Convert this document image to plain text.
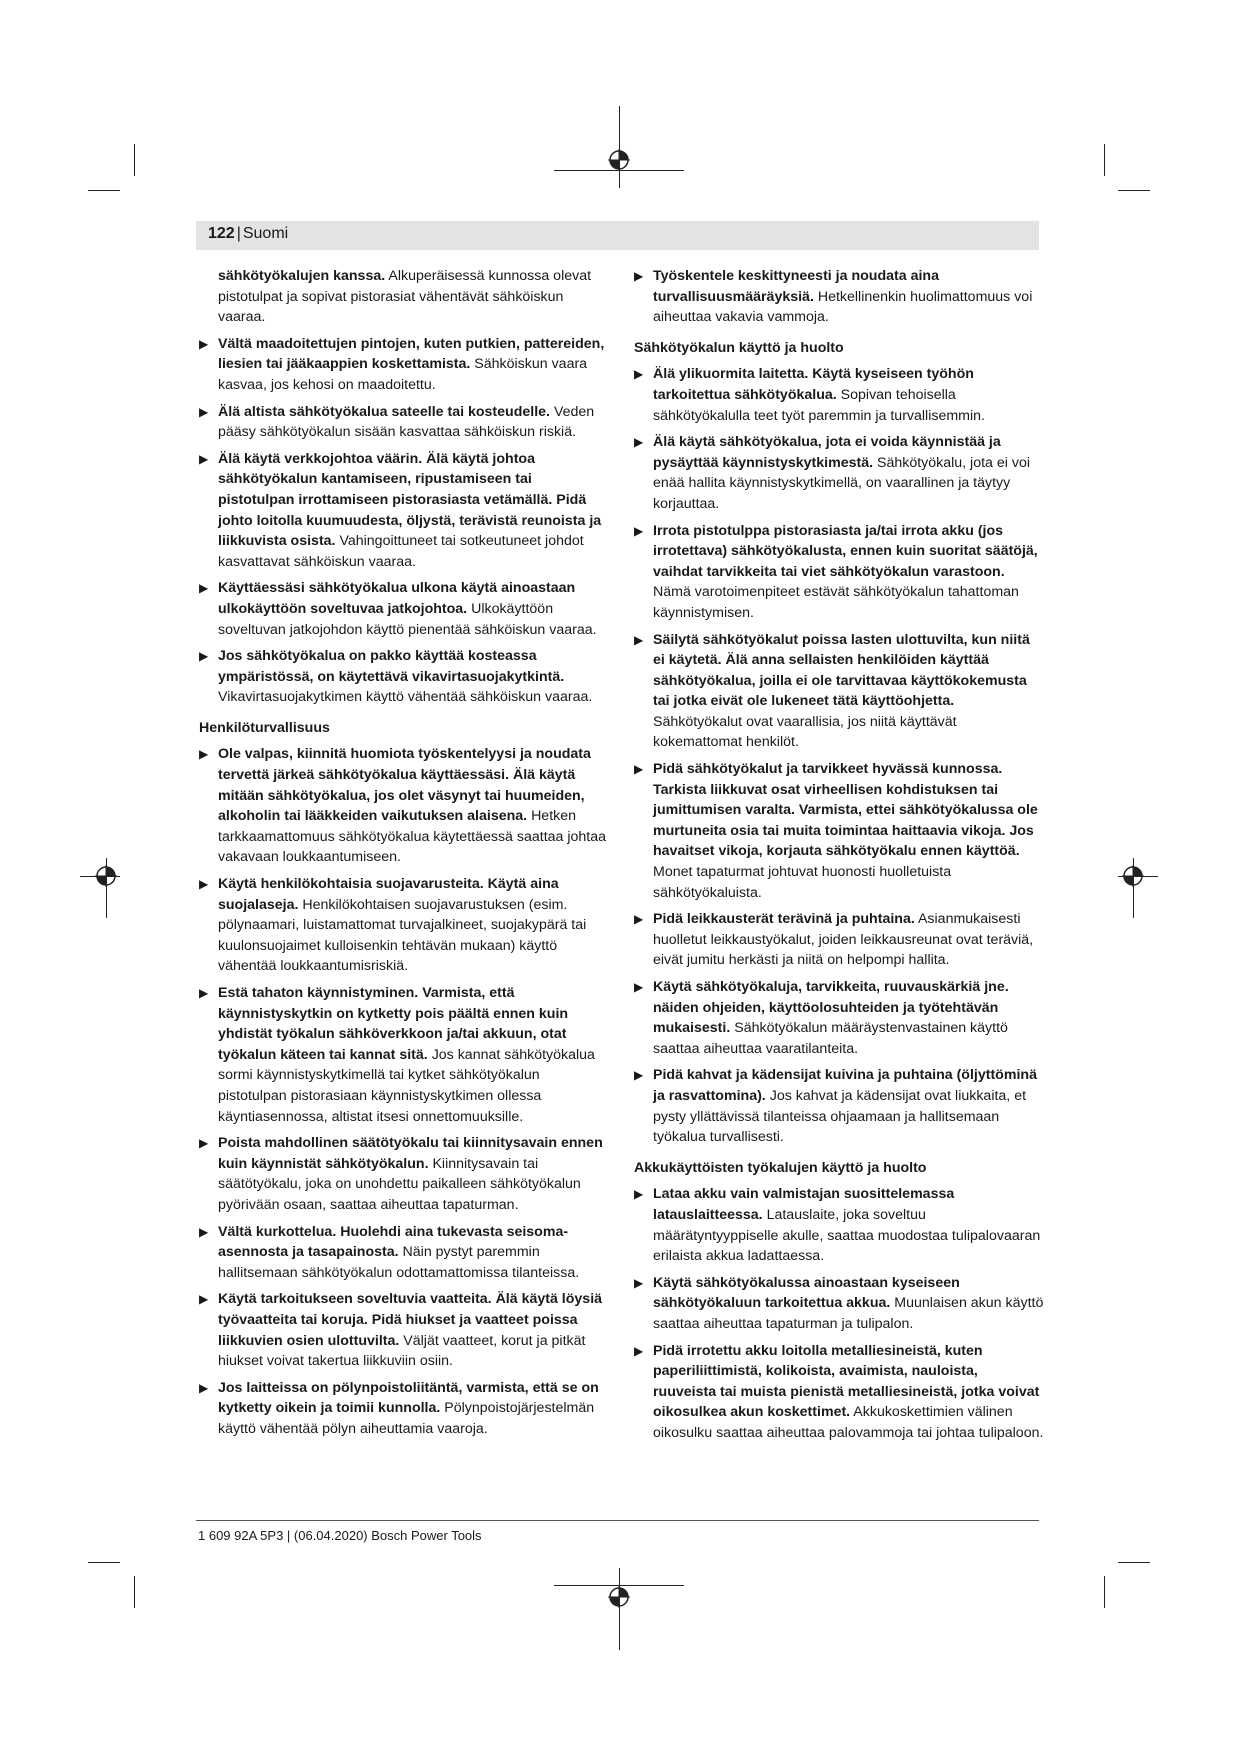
122 | Suomi

sähkötyökalujen kanssa. Alkuperäisessä kunnossa olevat pistotulpat ja sopivat pistorasiat vähentävät sähköiskun vaaraa.

▶ Vältä maadoitettujen pintojen, kuten putkien, pattereiden, liesien tai jääkaappien koskettamista. Sähköiskun vaara kasvaa, jos kehosi on maadoitettu.
▶ Älä altista sähkötyökalua sateelle tai kosteudelle. Veden pääsy sähkötyökalun sisään kasvattaa sähköiskun riskiä.
▶ Älä käytä verkkojohtoa väärin. Älä käytä johtoa sähkötyökalun kantamiseen, ripustamiseen tai pistotulpan irrottamiseen pistorasiasta vetämällä. Pidä johto loitolla kuumuudesta, öljystä, terävistä reunoista ja liikkuvista osista. Vahingoittuneet tai sotkeutuneet johdot kasvattavat sähköiskun vaaraa.
▶ Käyttäessäsi sähkötyökalua ulkona käytä ainoastaan ulkokäyttöön soveltuvaa jatkojohtoa. Ulkokäyttöön soveltuvan jatkojohdon käyttö pienentää sähköiskun vaaraa.
▶ Jos sähkötyökalua on pakko käyttää kosteassa ympäristössä, on käytettävä vikavirtasuojakytkintä. Vikavirtasuojakytkimen käyttö vähentää sähköiskun vaaraa.
Henkilöturvallisuus
▶ Ole valpas, kiinnitä huomiota työskentelyysi ja noudata tervettä järkeä sähkötyökalua käyttäessäsi. Älä käytä mitään sähkötyökalua, jos olet väsynyt tai huumeiden, alkoholin tai lääkkeiden vaikutuksen alaisena. Hetken tarkkaamattomuus sähkötyökalua käytettäessä saattaa johtaa vakavaan loukkaantumiseen.
▶ Käytä henkilökohtaisia suojavarusteita. Käytä aina suojalaseja. Henkilökohtaisen suojavarustuksen (esim. pölynaamari, luistamattomat turvajalkineet, suojakypärä tai kuulonsuojaimet kulloisenkin tehtävän mukaan) käyttö vähentää loukkaantumisriskiä.
▶ Estä tahaton käynnistyminen. Varmista, että käynnistyskytkin on kytketty pois päältä ennen kuin yhdistät työkalun sähköverkkoon ja/tai akkuun, otat työkalun käteen tai kannat sitä. Jos kannat sähkötyökalua sormi käynnistyskytkimellä tai kytket sähkötyökalun pistotulpan pistorasiaan käynnistyskytkimen ollessa käyntiasennossa, altistat itsesi onnettomuuksille.
▶ Poista mahdollinen säätötyökalu tai kiinnitysavain ennen kuin käynnistät sähkötyökalun. Kiinnitysavain tai säätötyökalu, joka on unohdettu paikalleen sähkötyökalun pyörivään osaan, saattaa aiheuttaa tapaturman.
▶ Vältä kurkottelua. Huolehdi aina tukevasta seisoma-asennosta ja tasapainosta. Näin pystyt paremmin hallitsemaan sähkötyökalun odottamattomissa tilanteissa.
▶ Käytä tarkoitukseen soveltuvia vaatteita. Älä käytä löysiä työvaatteita tai koruja. Pidä hiukset ja vaatteet poissa liikkuvien osien ulottuvilta. Väljät vaatteet, korut ja pitkät hiukset voivat takertua liikkuviin osiin.
▶ Jos laitteissa on pölynpoistoliitäntä, varmista, että se on kytketty oikein ja toimii kunnolla. Pölynpoistojärjestelmän käyttö vähentää pölyn aiheuttamia vaaroja.
▶ Työskentele keskittyneesti ja noudata aina turvallisuusmääräyksiä. Hetkellinenkin huolimattomuus voi aiheuttaa vakavia vammoja.
Sähkötyökalun käyttö ja huolto
▶ Älä ylikuormita laitetta. Käytä kyseiseen työhön tarkoitettua sähkötyökalua. Sopivan tehoisella sähkötyökalulla teet työt paremmin ja turvallisemmin.
▶ Älä käytä sähkötyökalua, jota ei voida käynnistää ja pysäyttää käynnistyskytkimestä. Sähkötyökalu, jota ei voi enää hallita käynnistyskytkimellä, on vaarallinen ja täytyy korjauttaa.
▶ Irrota pistotulppa pistorasiasta ja/tai irrota akku (jos irrotettava) sähkötyökalusta, ennen kuin suoritat säätöjä, vaihdat tarvikkeita tai viet sähkötyökalun varastoon. Nämä varotoimenpiteet estävät sähkötyökalun tahattoman käynnistymisen.
▶ Säilytä sähkötyökalut poissa lasten ulottuvilta, kun niitä ei käytetä. Älä anna sellaisten henkilöiden käyttää sähkötyökalua, joilla ei ole tarvittavaa käyttökokemusta tai jotka eivät ole lukeneet tätä käyttöohjetta. Sähkötyökalut ovat vaarallisia, jos niitä käyttävät kokemattomat henkilöt.
▶ Pidä sähkötyökalut ja tarvikkeet hyvässä kunnossa. Tarkista liikkuvat osat virheellisen kohdistuksen tai jumittumisen varalta. Varmista, ettei sähkötyökalussa ole murtuneita osia tai muita toimintaa haittaavia vikoja. Jos havaitset vikoja, korjauta sähkötyökalu ennen käyttöä. Monet tapaturmat johtuvat huonosti huolletuista sähkötyökaluista.
▶ Pidä leikkausterät terävinä ja puhtaina. Asianmukaisesti huolletut leikkaustyökalut, joiden leikkausreunat ovat teräviä, eivät jumitu herkästi ja niitä on helpompi hallita.
▶ Käytä sähkötyökaluja, tarvikkeita, ruuvauskärkiä jne. näiden ohjeiden, käyttöolosuhteiden ja työtehtävän mukaisesti. Sähkötyökalun määräystenvastainen käyttö saattaa aiheuttaa vaaratilanteita.
▶ Pidä kahvat ja kädensijat kuivina ja puhtaina (öljyttöminä ja rasvattomina). Jos kahvat ja kädensijat ovat liukkaita, et pysty yllättävissä tilanteissa ohjaamaan ja hallitsemaan työkalua turvallisesti.
Akkukäyttöisten työkalujen käyttö ja huolto
▶ Lataa akku vain valmistajan suosittelemassa latauslaitteessa. Latauslaite, joka soveltuu määrätyntyyppiselle akulle, saattaa muodostaa tulipalovaaran erilaista akkua ladattaessa.
▶ Käytä sähkötyökalussa ainoastaan kyseiseen sähkötyökaluun tarkoitettua akkua. Muunlaisen akun käyttö saattaa aiheuttaa tapaturman ja tulipalon.
▶ Pidä irrotettu akku loitolla metalliesineistä, kuten paperiliittimistä, kolikoista, avaimista, nauloista, ruuveista tai muista pienistä metalliesineistä, jotka voivat oikosulkea akun koskettimet. Akkukoskettimien välinen oikosulku saattaa aiheuttaa palovammoja tai johtaa tulipaloon.
1 609 92A 5P3 | (06.04.2020) Bosch Power Tools
